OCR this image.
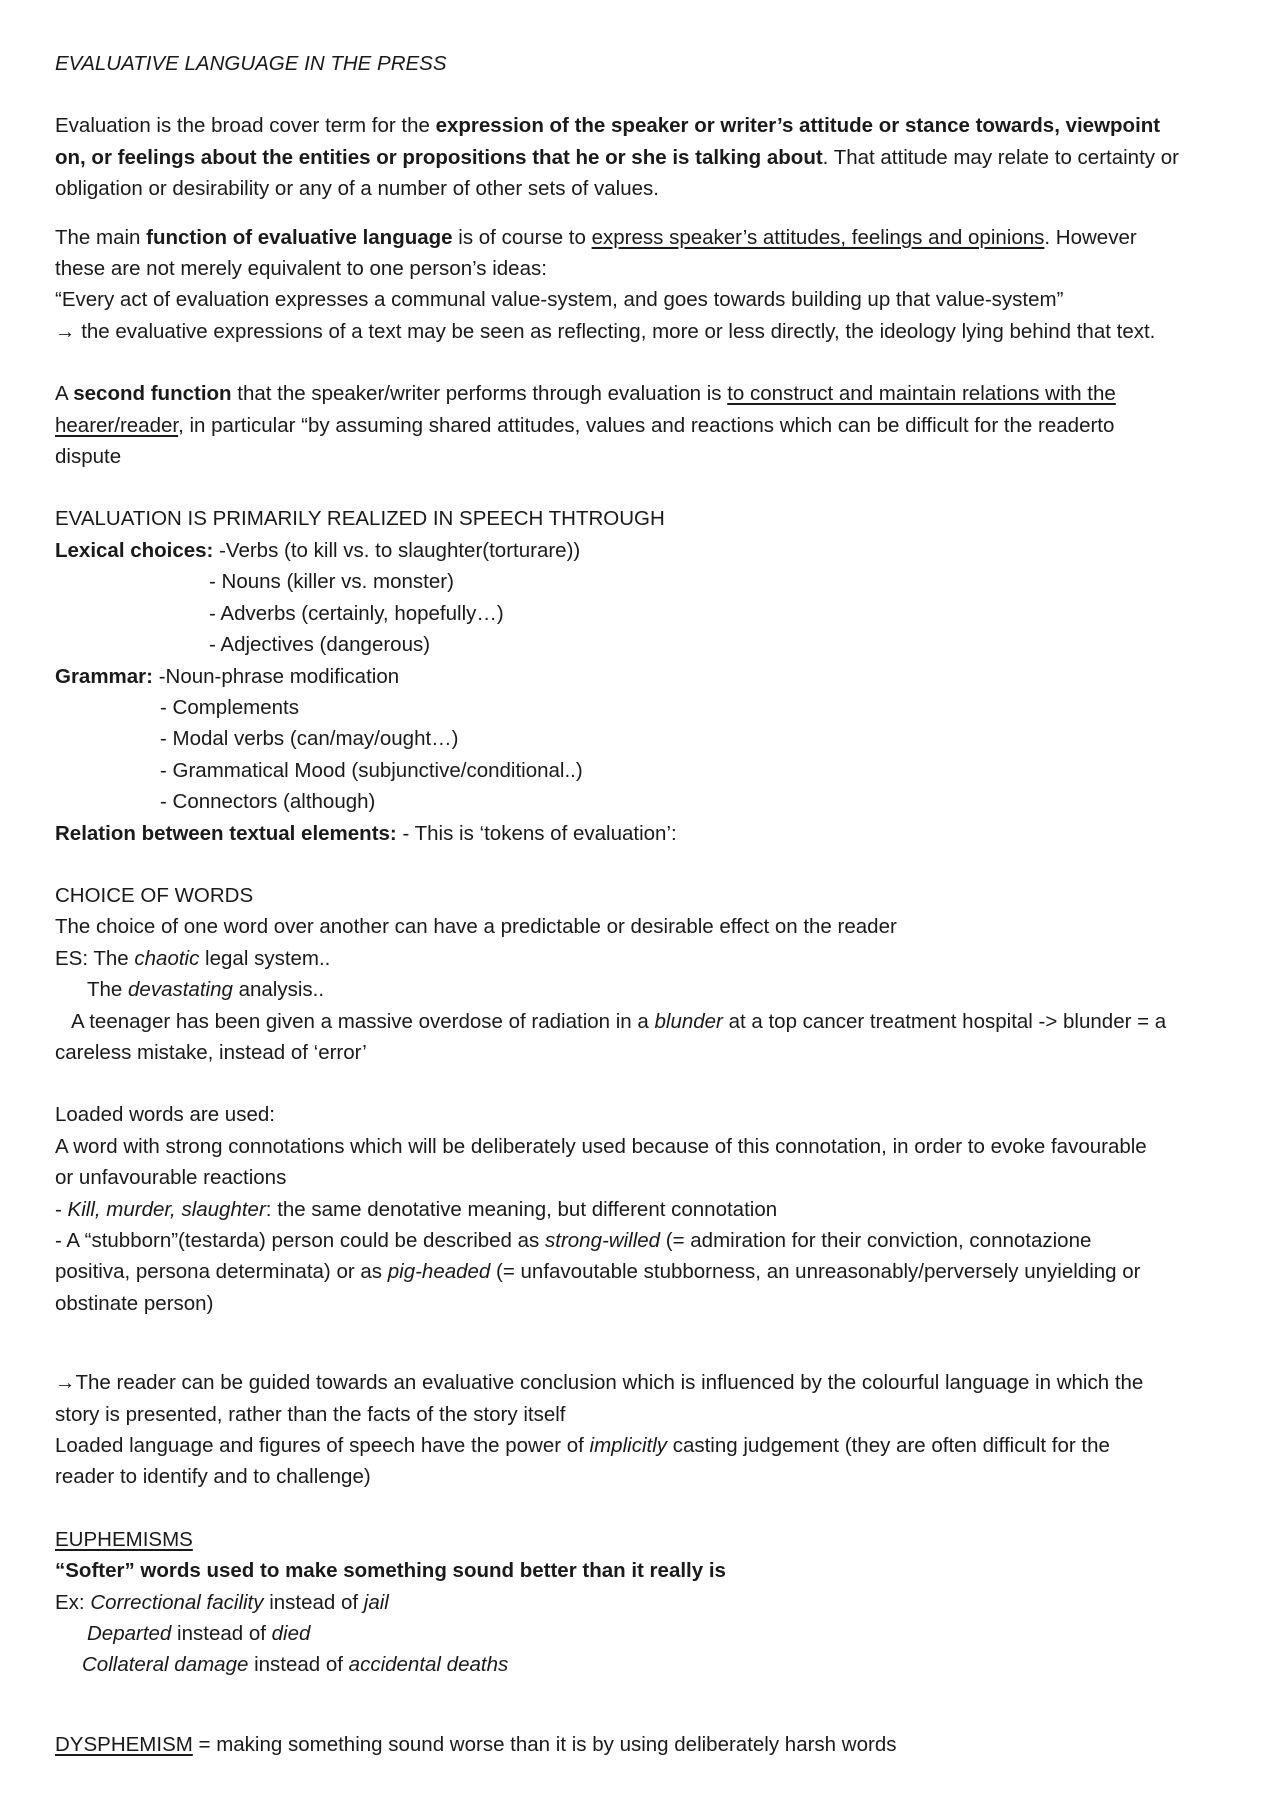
EVALUATIVE LANGUAGE IN THE PRESS
Evaluation is the broad cover term for the expression of the speaker or writer’s attitude or stance towards, viewpoint
on, or feelings about the entities or propositions that he or she is talking about. That attitude may relate to certainty or
obligation or desirability or any of a number of other sets of values.
The main function of evaluative language is of course to express speaker’s attitudes, feelings and opinions. However
these are not merely equivalent to one person’s ideas:
“Every act of evaluation expresses a communal value-system, and goes towards building up that value-system”
→ the evaluative expressions of a text may be seen as reflecting, more or less directly, the ideology lying behind that text.
A second function that the speaker/writer performs through evaluation is to construct and maintain relations with the
hearer/reader, in particular “by assuming shared attitudes, values and reactions which can be difficult for the readerto
dispute
EVALUATION IS PRIMARILY REALIZED IN SPEECH THTROUGH
Lexical choices: -Verbs (to kill vs. to slaughter(torturare))
- Nouns (killer vs. monster)
- Adverbs (certainly, hopefully…)
- Adjectives (dangerous)
Grammar: -Noun-phrase modification
- Complements
- Modal verbs (can/may/ought…)
- Grammatical Mood (subjunctive/conditional..)
- Connectors (although)
Relation between textual elements: - This is ‘tokens of evaluation’:
CHOICE OF WORDS
The choice of one word over another can have a predictable or desirable effect on the reader
ES: The chaotic legal system..
The devastating analysis..
A teenager has been given a massive overdose of radiation in a blunder at a top cancer treatment hospital -> blunder = a
careless mistake, instead of ‘error’
Loaded words are used:
A word with strong connotations which will be deliberately used because of this connotation, in order to evoke favourable
or unfavourable reactions
- Kill, murder, slaughter: the same denotative meaning, but different connotation
- A “stubborn”(testarda) person could be described as strong-willed (= admiration for their conviction, connotazione
positiva, persona determinata) or as pig-headed (= unfavoutable stubborness, an unreasonably/perversely unyielding or
obstinate person)
→The reader can be guided towards an evaluative conclusion which is influenced by the colourful language in which the
story is presented, rather than the facts of the story itself
Loaded language and figures of speech have the power of implicitly casting judgement (they are often difficult for the
reader to identify and to challenge)
EUPHEMISMS
“Softer” words used to make something sound better than it really is
Ex: Correctional facility instead of jail
Departed instead of died
Collateral damage instead of accidental deaths
DYSPHEMISM = making something sound worse than it is by using deliberately harsh words
